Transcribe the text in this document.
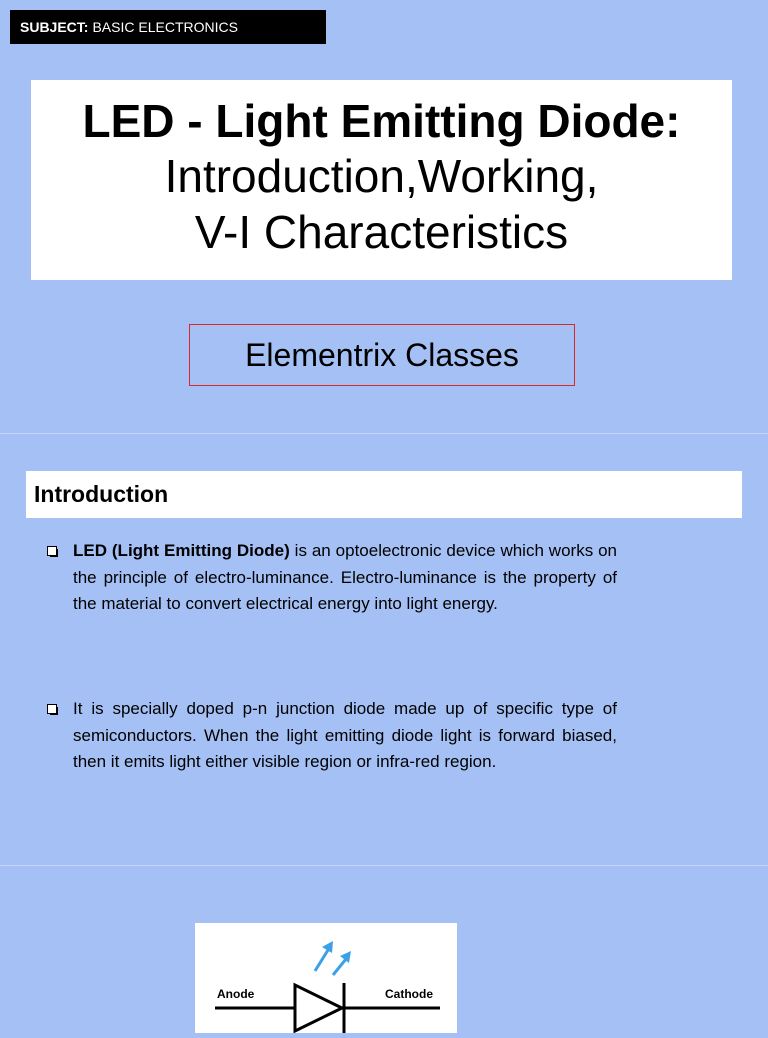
SUBJECT: BASIC ELECTRONICS
LED - Light Emitting Diode:
Introduction,Working,
V-I Characteristics
Elementrix Classes
Introduction
LED (Light Emitting Diode) is an optoelectronic device which works on the principle of electro-luminance. Electro-luminance is the property of the material to convert electrical energy into light energy.
It is specially doped p-n junction diode made up of specific type of semiconductors. When the light emitting diode light is forward biased, then it emits light either visible region or infra-red region.
Anode	Cathode
